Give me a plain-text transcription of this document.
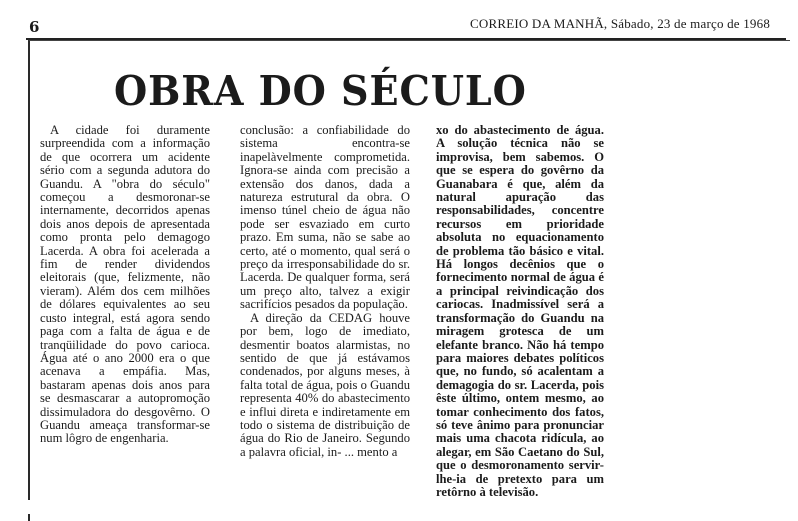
6	CORREIO DA MANHÃ, Sábado, 23 de março de 1968
OBRA DO SÉCULO

A cidade foi duramente surpreendida com a informação de que ocorrera um acidente sério com a segunda adutora do Guandu. A "obra do século" começou a desmoronar-se internamente, decorridos apenas dois anos depois de apresentada como pronta pelo demagogo Lacerda. A obra foi acelerada a fim de render dividendos eleitorais (que, felizmente, não vieram). Além dos cem milhões de dólares equivalentes ao seu custo integral, está agora sendo paga com a falta de água e de tranqüilidade do povo carioca. Água até o ano 2000 era o que acenava a empáfia. Mas, bastaram apenas dois anos para se desmascarar a autopromoção dissimuladora do desgovêrno. O Guandu ameaça transformar-se num lôgro de engenharia.

conclusão: a confiabilidade do sistema encontra-se inapelàvelmente comprometida. Ignora-se ainda com precisão a extensão dos danos, dada a natureza estrutural da obra. O imenso túnel cheio de água não pode ser esvaziado em curto prazo. Em suma, não se sabe ao certo, até o momento, qual será o preço da irresponsabilidade do sr. Lacerda. De qualquer forma, será um preço alto, talvez a exigir sacrifícios pesados da população.

A direção da CEDAG houve por bem, logo de imediato, desmentir boatos alarmistas, no sentido de que já estávamos condenados, por alguns meses, à falta total de água, pois o Guandu representa 40% do abastecimento e influi direta e indiretamente em todo o sistema de distribuição de água do Rio de Janeiro. Segundo a palavra oficial, in- ... mento a

xo do abastecimento de água. A solução técnica não se improvisa, bem sabemos. O que se espera do govêrno da Guanabara é que, além da natural apuração das responsabilidades, concentre recursos em prioridade absoluta no equacionamento de problema tão básico e vital. Há longos decênios que o fornecimento normal de água é a principal reivindicação dos cariocas. Inadmissível será a transformação do Guandu na miragem grotesca de um elefante branco. Não há tempo para maiores debates políticos que, no fundo, só acalentam a demagogia do sr. Lacerda, pois êste último, ontem mesmo, ao tomar conhecimento dos fatos, só teve ânimo para pronunciar mais uma chacota ridícula, ao alegar, em São Caetano do Sul, que o desmoronamento servir-lhe-ia de pretexto para um retôrno à televisão.
